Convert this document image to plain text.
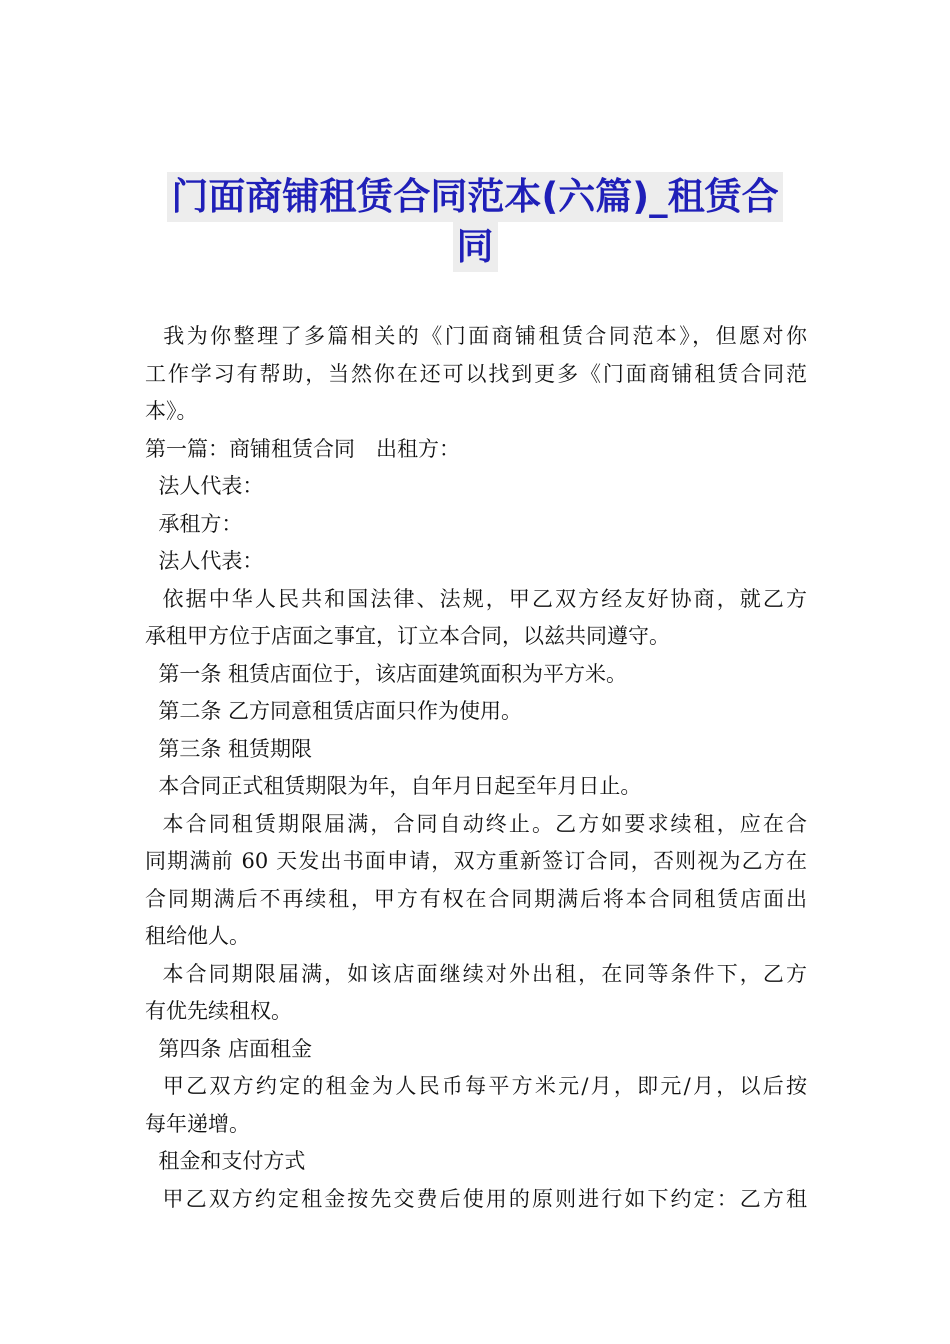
门面商铺租赁合同范本(六篇)_租赁合
同

我为你整理了多篇相关的《门面商铺租赁合同范本》，但愿对你

工作学习有帮助，当然你在还可以找到更多《门面商铺租赁合同范

本》。

第一篇：商铺租赁合同　出租方：

法人代表：

承租方：

法人代表：

依据中华人民共和国法律、法规，甲乙双方经友好协商，就乙方

承租甲方位于店面之事宜，订立本合同，以兹共同遵守。

第一条 租赁店面位于，该店面建筑面积为平方米。

第二条 乙方同意租赁店面只作为使用。

第三条 租赁期限

本合同正式租赁期限为年，自年月日起至年月日止。

本合同租赁期限届满，合同自动终止。乙方如要求续租，应在合

同期满前 60 天发出书面申请，双方重新签订合同，否则视为乙方在

合同期满后不再续租，甲方有权在合同期满后将本合同租赁店面出

租给他人。

本合同期限届满，如该店面继续对外出租，在同等条件下，乙方

有优先续租权。

第四条 店面租金

甲乙双方约定的租金为人民币每平方米元/月，即元/月，以后按

每年递增。

租金和支付方式

甲乙双方约定租金按先交费后使用的原则进行如下约定：乙方租
